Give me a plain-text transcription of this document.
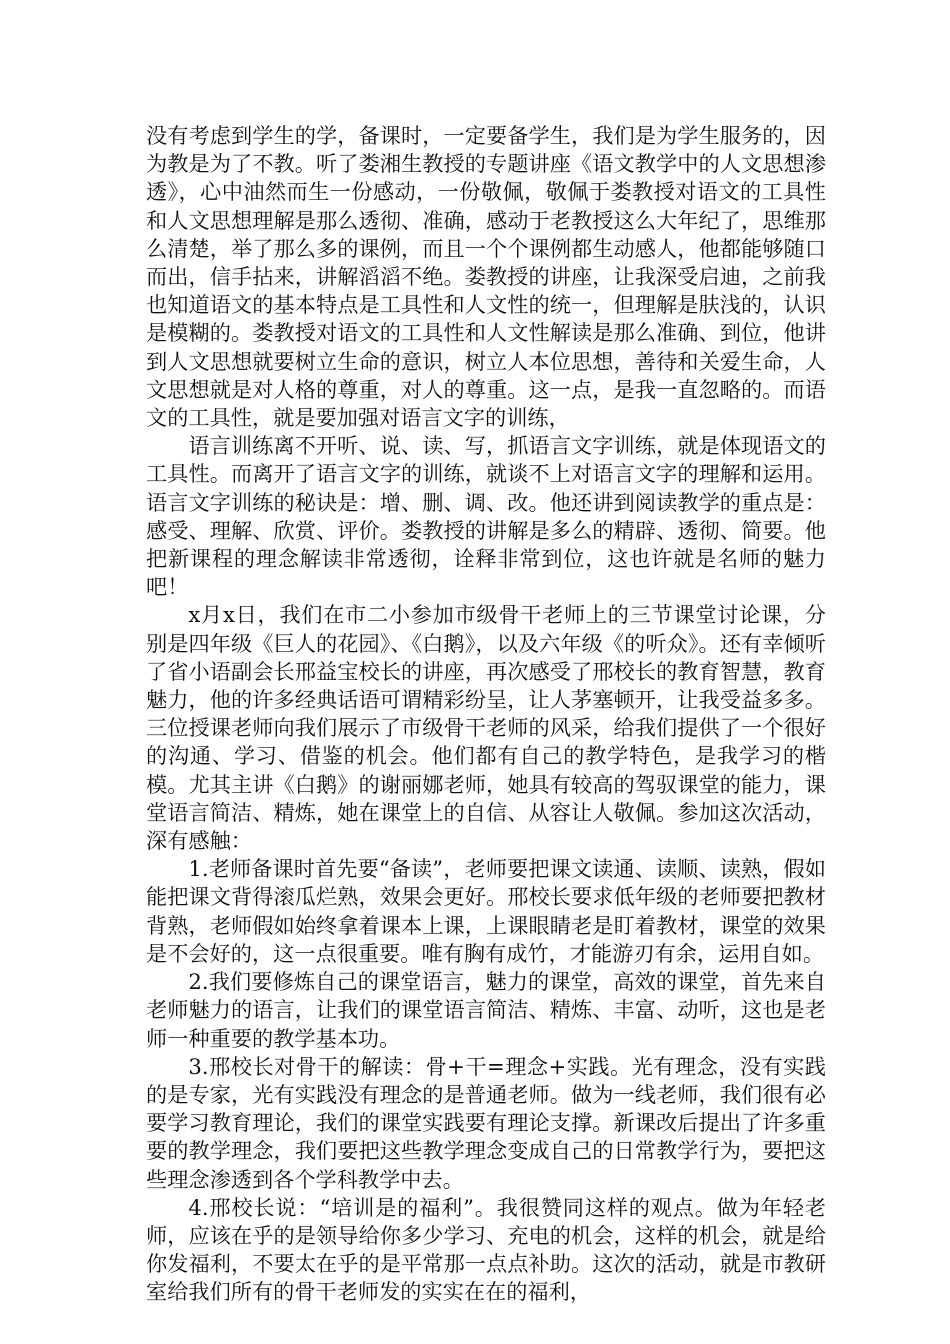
没有考虑到学生的学，备课时，一定要备学生，我们是为学生服务的，因为教是为了不教。听了娄湘生教授的专题讲座《语文教学中的人文思想渗透》，心中油然而生一份感动，一份敬佩，敬佩于娄教授对语文的工具性和人文思想理解是那么透彻、准确，感动于老教授这么大年纪了，思维那么清楚，举了那么多的课例，而且一个个课例都生动感人，他都能够随口而出，信手拈来，讲解滔滔不绝。娄教授的讲座，让我深受启迪，之前我也知道语文的基本特点是工具性和人文性的统一，但理解是肤浅的，认识是模糊的。娄教授对语文的工具性和人文性解读是那么准确、到位，他讲到人文思想就要树立生命的意识，树立人本位思想，善待和关爱生命，人文思想就是对人格的尊重，对人的尊重。这一点，是我一直忽略的。而语文的工具性，就是要加强对语言文字的训练，

语言训练离不开听、说、读、写，抓语言文字训练，就是体现语文的工具性。而离开了语言文字的训练，就谈不上对语言文字的理解和运用。语言文字训练的秘诀是：增、删、调、改。他还讲到阅读教学的重点是：感受、理解、欣赏、评价。娄教授的讲解是多么的精辟、透彻、简要。他把新课程的理念解读非常透彻，诠释非常到位，这也许就是名师的魅力吧！

x月x日，我们在市二小参加市级骨干老师上的三节课堂讨论课，分别是四年级《巨人的花园》、《白鹅》，以及六年级《的听众》。还有幸倾听了省小语副会长邢益宝校长的讲座，再次感受了邢校长的教育智慧，教育魅力，他的许多经典话语可谓精彩纷呈，让人茅塞顿开，让我受益多多。三位授课老师向我们展示了市级骨干老师的风采，给我们提供了一个很好的沟通、学习、借鉴的机会。他们都有自己的教学特色，是我学习的楷模。尤其主讲《白鹅》的谢丽娜老师，她具有较高的驾驭课堂的能力，课堂语言简洁、精炼，她在课堂上的自信、从容让人敬佩。参加这次活动，深有感触：

1.老师备课时首先要“备读”，老师要把课文读通、读顺、读熟，假如能把课文背得滚瓜烂熟，效果会更好。邢校长要求低年级的老师要把教材背熟，老师假如始终拿着课本上课，上课眼睛老是盯着教材，课堂的效果是不会好的，这一点很重要。唯有胸有成竹，才能游刃有余，运用自如。

2.我们要修炼自己的课堂语言，魅力的课堂，高效的课堂，首先来自老师魅力的语言，让我们的课堂语言简洁、精炼、丰富、动听，这也是老师一种重要的教学基本功。

3.邢校长对骨干的解读：骨+干=理念+实践。光有理念，没有实践的是专家，光有实践没有理念的是普通老师。做为一线老师，我们很有必要学习教育理论，我们的课堂实践要有理论支撑。新课改后提出了许多重要的教学理念，我们要把这些教学理念变成自己的日常教学行为，要把这些理念渗透到各个学科教学中去。

4.邢校长说：“培训是的福利”。我很赞同这样的观点。做为年轻老师，应该在乎的是领导给你多少学习、充电的机会，这样的机会，就是给你发福利，不要太在乎的是平常那一点点补助。这次的活动，就是市教研室给我们所有的骨干老师发的实实在在的福利，
